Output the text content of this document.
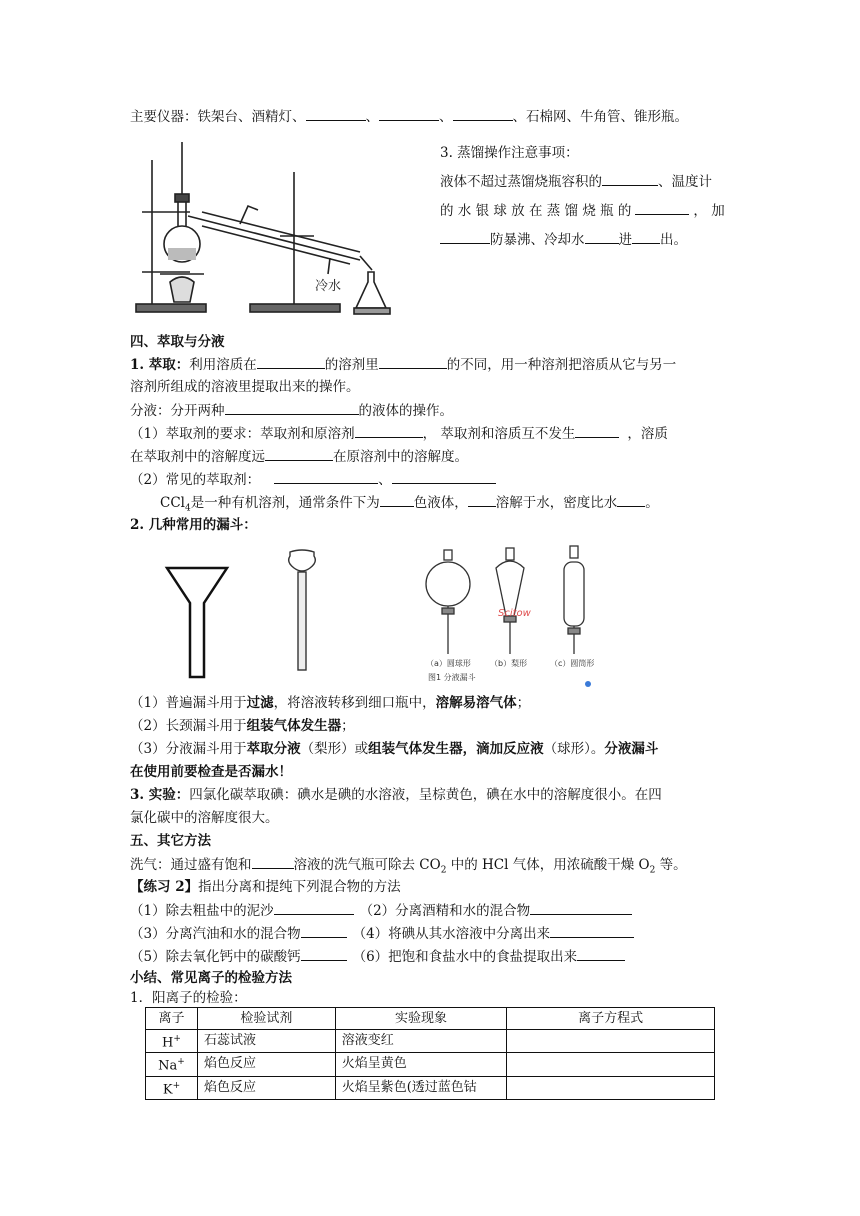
主要仪器：铁架台、酒精灯、	、	、	、石棉网、牛角管、锥形瓶。
冷水
3. 蒸馏操作注意事项：
液体不超过蒸馏烧瓶容积的	、温度计
的 水 银 球 放 在 蒸 馏 烧 瓶 的	， 加
防暴沸、冷却水	进 出。
四、萃取与分液
1. 萃取：利用溶质在	的溶剂里	的不同，用一种溶剂把溶质从它与另一
溶剂所组成的溶液里提取出来的操作。
分液：分开两种	的液体的操作。
（1）萃取剂的要求：萃取剂和原溶剂	， 萃取剂和溶质互不发生	，溶质
在萃取剂中的溶解度远	在原溶剂中的溶解度。
（2）常见的萃取剂：	、
CCl$_4$是一种有机溶剂，通常条件下为	色液体， 溶解于水，密度比水 。
2. 几种常用的漏斗：
Scitow
（a）圆球形 （b）梨形	（c）圆筒形
图1 分液漏斗
（1）普遍漏斗用于过滤，将溶液转移到细口瓶中，溶解易溶气体；
（2）长颈漏斗用于组装气体发生器；
（3）分液漏斗用于萃取分液（梨形）或组装气体发生器，滴加反应液（球形）。分液漏斗
在使用前要检查是否漏水！
3. 实验：四氯化碳萃取碘：碘水是碘的水溶液，呈棕黄色，碘在水中的溶解度很小。在四
氯化碳中的溶解度很大。
五、其它方法
洗气：通过盛有饱和	溶液的洗气瓶可除去 $CO_2$ 中的 HCl 气体，用浓硫酸干燥 $O_2$ 等。
【练习 2】指出分离和提纯下列混合物的方法
（1）除去粗盐中的泥沙	（2）分离酒精和水的混合物
（3）分离汽油和水的混合物	（4）将碘从其水溶液中分离出来
（5）除去氧化钙中的碳酸钙	（6）把饱和食盐水中的食盐提取出来
小结、常见离子的检验方法
1．阳离子的检验：
离子	检验试剂	实验现象	离子方程式
H+	石蕊试液	溶液变红	
Na+	焰色反应	火焰呈黄色	
K+	焰色反应	火焰呈紫色(透过蓝色钴	
